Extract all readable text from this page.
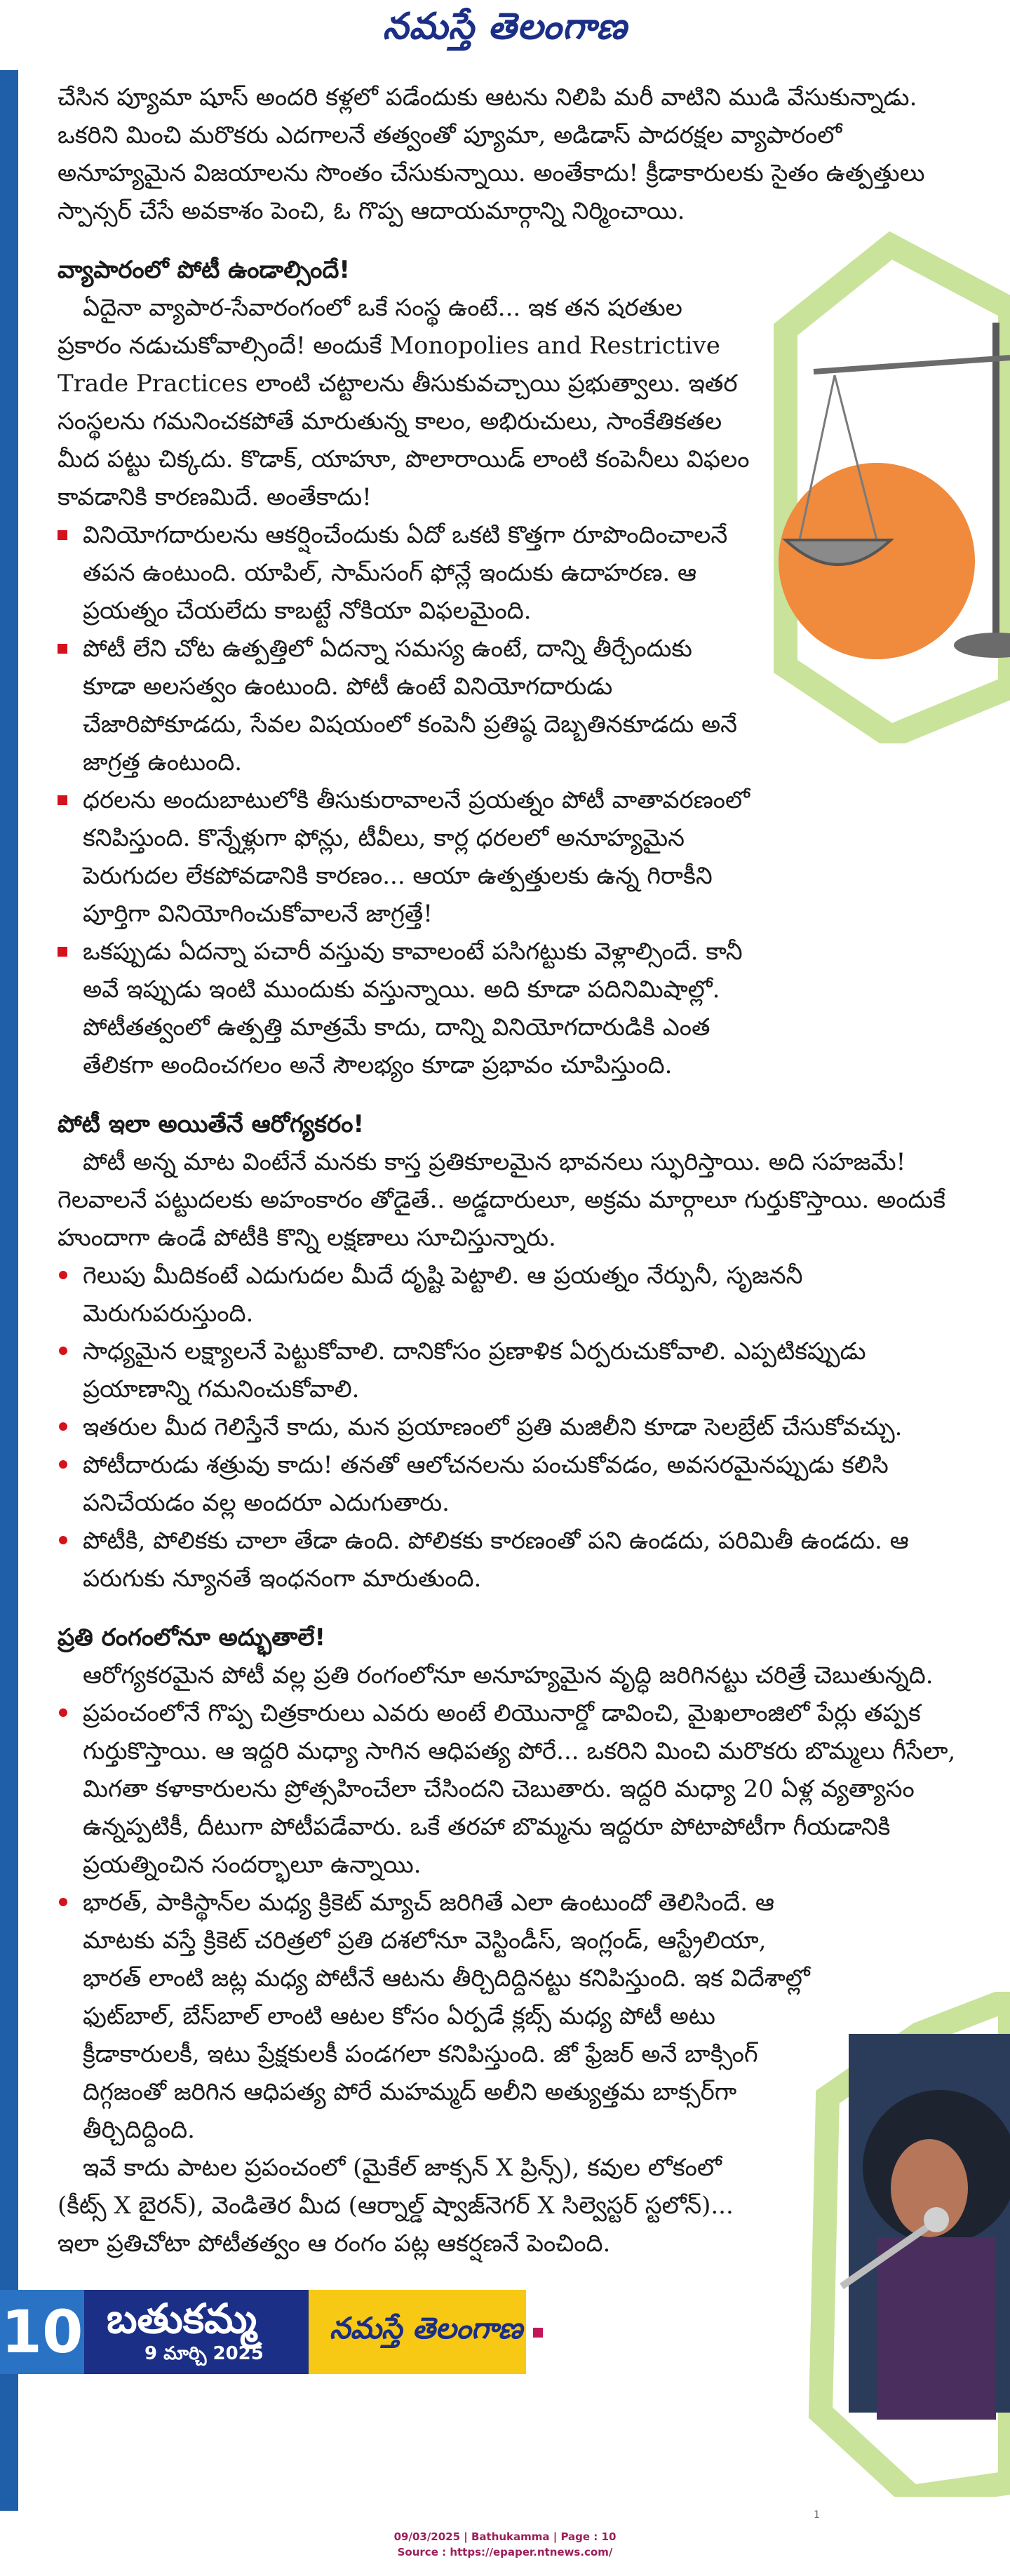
నమస్తే తెలంగాణ

చేసిన ప్యూమా షూస్ అందరి కళ్లలో పడేందుకు ఆటను నిలిపి మరీ వాటిని ముడి వేసుకున్నాడు. ఒకరిని మించి మరొకరు ఎదగాలనే తత్వంతో ప్యూమా, అడిడాస్ పాదరక్షల వ్యాపారంలో అనూహ్యమైన విజయాలను సొంతం చేసుకున్నాయి. అంతేకాదు! క్రీడాకారులకు సైతం ఉత్పత్తులు స్పాన్సర్ చేసే అవకాశం పెంచి, ఓ గొప్ప ఆదాయమార్గాన్ని నిర్మించాయి.

వ్యాపారంలో పోటీ ఉండాల్సిందే!

ఏదైనా వ్యాపార-సేవారంగంలో ఒకే సంస్థ ఉంటే... ఇక తన షరతుల ప్రకారం నడుచుకోవాల్సిందే! అందుకే Monopolies and Restrictive Trade Practices లాంటి చట్టాలను తీసుకువచ్చాయి ప్రభుత్వాలు. ఇతర సంస్థలను గమనించకపోతే మారుతున్న కాలం, అభిరుచులు, సాంకేతికతల మీద పట్టు చిక్కదు. కొడాక్, యాహూ, పొలారాయిడ్ లాంటి కంపెనీలు విఫలం కావడానికి కారణమిదే. అంతేకాదు!

వినియోగదారులను ఆకర్షించేందుకు ఏదో ఒకటి కొత్తగా రూపొందించాలనే తపన ఉంటుంది. యాపిల్, సామ్‌సంగ్ ఫోన్లే ఇందుకు ఉదాహరణ. ఆ ప్రయత్నం చేయలేదు కాబట్టే నోకియా విఫలమైంది.
పోటీ లేని చోట ఉత్పత్తిలో ఏదన్నా సమస్య ఉంటే, దాన్ని తీర్చేందుకు కూడా అలసత్వం ఉంటుంది. పోటీ ఉంటే వినియోగదారుడు చేజారిపోకూడదు, సేవల విషయంలో కంపెనీ ప్రతిష్ఠ దెబ్బతినకూడదు అనే జాగ్రత్త ఉంటుంది.
ధరలను అందుబాటులోకి తీసుకురావాలనే ప్రయత్నం పోటీ వాతావరణంలో కనిపిస్తుంది. కొన్నేళ్లుగా ఫోన్లు, టీవీలు, కార్ల ధరలలో అనూహ్యమైన పెరుగుదల లేకపోవడానికి కారణం... ఆయా ఉత్పత్తులకు ఉన్న గిరాకీని పూర్తిగా వినియోగించుకోవాలనే జాగ్రత్తే!
ఒకప్పుడు ఏదన్నా పచారీ వస్తువు కావాలంటే పసిగట్టుకు వెళ్లాల్సిందే. కానీ అవే ఇప్పుడు ఇంటి ముందుకు వస్తున్నాయి. అది కూడా పదినిమిషాల్లో. పోటీతత్వంలో ఉత్పత్తి మాత్రమే కాదు, దాన్ని వినియోగదారుడికి ఎంత తేలికగా అందించగలం అనే సౌలభ్యం కూడా ప్రభావం చూపిస్తుంది.

పోటీ ఇలా అయితేనే ఆరోగ్యకరం!

పోటీ అన్న మాట వింటేనే మనకు కాస్త ప్రతికూలమైన భావనలు స్ఫురిస్తాయి. అది సహజమే! గెలవాలనే పట్టుదలకు అహంకారం తోడైతే.. అడ్డదారులూ, అక్రమ మార్గాలూ గుర్తుకొస్తాయి. అందుకే హుందాగా ఉండే పోటీకి కొన్ని లక్షణాలు సూచిస్తున్నారు.

గెలుపు మీదికంటే ఎదుగుదల మీదే దృష్టి పెట్టాలి. ఆ ప్రయత్నం నేర్పునీ, సృజననీ మెరుగుపరుస్తుంది.
సాధ్యమైన లక్ష్యాలనే పెట్టుకోవాలి. దానికోసం ప్రణాళిక ఏర్పరుచుకోవాలి. ఎప్పటికప్పుడు ప్రయాణాన్ని గమనించుకోవాలి.
ఇతరుల మీద గెలిస్తేనే కాదు, మన ప్రయాణంలో ప్రతి మజిలీని కూడా సెలబ్రేట్ చేసుకోవచ్చు.
పోటీదారుడు శత్రువు కాదు! తనతో ఆలోచనలను పంచుకోవడం, అవసరమైనప్పుడు కలిసి పనిచేయడం వల్ల అందరూ ఎదుగుతారు.
పోటీకి, పోలికకు చాలా తేడా ఉంది. పోలికకు కారణంతో పని ఉండదు, పరిమితీ ఉండదు. ఆ పరుగుకు న్యూనతే ఇంధనంగా మారుతుంది.

ప్రతి రంగంలోనూ అద్భుతాలే!

ఆరోగ్యకరమైన పోటీ వల్ల ప్రతి రంగంలోనూ అనూహ్యమైన వృద్ధి జరిగినట్టు చరిత్రే చెబుతున్నది.

ప్రపంచంలోనే గొప్ప చిత్రకారులు ఎవరు అంటే లియొనార్డో డావించి, మైఖలాంజిలో పేర్లు తప్పక గుర్తుకొస్తాయి. ఆ ఇద్దరి మధ్యా సాగిన ఆధిపత్య పోరే... ఒకరిని మించి మరొకరు బొమ్మలు గీసేలా, మిగతా కళాకారులను ప్రోత్సహించేలా చేసిందని చెబుతారు. ఇద్దరి మధ్యా 20 ఏళ్ల వ్యత్యాసం ఉన్నప్పటికీ, దీటుగా పోటీపడేవారు. ఒకే తరహా బొమ్మను ఇద్దరూ పోటాపోటీగా గీయడానికి ప్రయత్నించిన సందర్భాలూ ఉన్నాయి.
భారత్, పాకిస్థాన్‌ల మధ్య క్రికెట్ మ్యాచ్ జరిగితే ఎలా ఉంటుందో తెలిసిందే. ఆ మాటకు వస్తే క్రికెట్ చరిత్రలో ప్రతి దశలోనూ వెస్టిండీస్, ఇంగ్లండ్, ఆస్ట్రేలియా, భారత్ లాంటి జట్ల మధ్య పోటీనే ఆటను తీర్చిదిద్దినట్టు కనిపిస్తుంది. ఇక విదేశాల్లో ఫుట్‌బాల్, బేస్‌బాల్ లాంటి ఆటల కోసం ఏర్పడే క్లబ్స్ మధ్య పోటీ అటు క్రీడాకారులకీ, ఇటు ప్రేక్షకులకీ పండగలా కనిపిస్తుంది. జో ఫ్రేజర్ అనే బాక్సింగ్ దిగ్గజంతో జరిగిన ఆధిపత్య పోరే మహమ్మద్ అలీని అత్యుత్తమ బాక్సర్‌గా తీర్చిదిద్దింది.

ఇవే కాదు పాటల ప్రపంచంలో (మైకేల్ జాక్సన్ X ప్రిన్స్), కవుల లోకంలో (కీట్స్ X బైరన్), వెండితెర మీద (ఆర్నాల్డ్ ష్వాజ్‌నెగర్ X సిల్వెస్టర్ స్టలోన్)... ఇలా ప్రతిచోటా పోటీతత్వం ఆ రంగం పట్ల ఆకర్షణనే పెంచింది.

10 బతుకమ్మ
9 మార్చి 2025
నమస్తే తెలంగాణ
1
09/03/2025 | Bathukamma | Page : 10
Source : https://epaper.ntnews.com/
